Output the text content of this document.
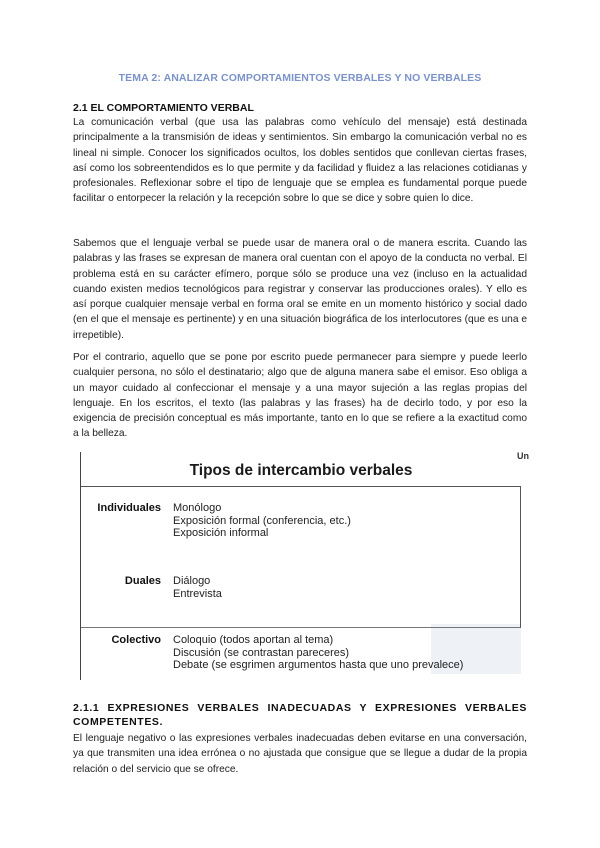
TEMA 2: ANALIZAR COMPORTAMIENTOS VERBALES Y NO VERBALES
2.1 EL COMPORTAMIENTO VERBAL

La comunicación verbal (que usa las palabras como vehículo del mensaje) está destinada principalmente a la transmisión de ideas y sentimientos. Sin embargo la comunicación verbal no es lineal ni simple. Conocer los significados ocultos, los dobles sentidos que conllevan ciertas frases, así como los sobreentendidos es lo que permite y da facilidad y fluidez a las relaciones cotidianas y profesionales. Reflexionar sobre el tipo de lenguaje que se emplea es fundamental porque puede facilitar o entorpecer la relación y la recepción sobre lo que se dice y sobre quien lo dice.

Sabemos que el lenguaje verbal se puede usar de manera oral o de manera escrita. Cuando las palabras y las frases se expresan de manera oral cuentan con el apoyo de la conducta no verbal. El problema está en su carácter efímero, porque sólo se produce una vez (incluso en la actualidad cuando existen medios tecnológicos para registrar y conservar las producciones orales). Y ello es así porque cualquier mensaje verbal en forma oral se emite en un momento histórico y social dado (en el que el mensaje es pertinente) y en una situación biográfica de los interlocutores (que es una e irrepetible).

Por el contrario, aquello que se pone por escrito puede permanecer para siempre y puede leerlo cualquier persona, no sólo el destinatario; algo que de alguna manera sabe el emisor. Eso obliga a un mayor cuidado al confeccionar el mensaje y a una mayor sujeción a las reglas propias del lenguaje. En los escritos, el texto (las palabras y las frases) ha de decirlo todo, y por eso la exigencia de precisión conceptual es más importante, tanto en lo que se refiere a la exactitud como a la belleza.

Tipos de intercambio verbales
Un
Individuales Monólogo
Exposición formal (conferencia, etc.)
Exposición informal
Duales Diálogo
Entrevista
Colectivo Coloquio (todos aportan al tema)
Discusión (se contrastan pareceres)
Debate (se esgrimen argumentos hasta que uno prevalece)
2.1.1 EXPRESIONES VERBALES INADECUADAS Y EXPRESIONES VERBALES COMPETENTES.

El lenguaje negativo o las expresiones verbales inadecuadas deben evitarse en una conversación, ya que transmiten una idea errónea o no ajustada que consigue que se llegue a dudar de la propia relación o del servicio que se ofrece.
